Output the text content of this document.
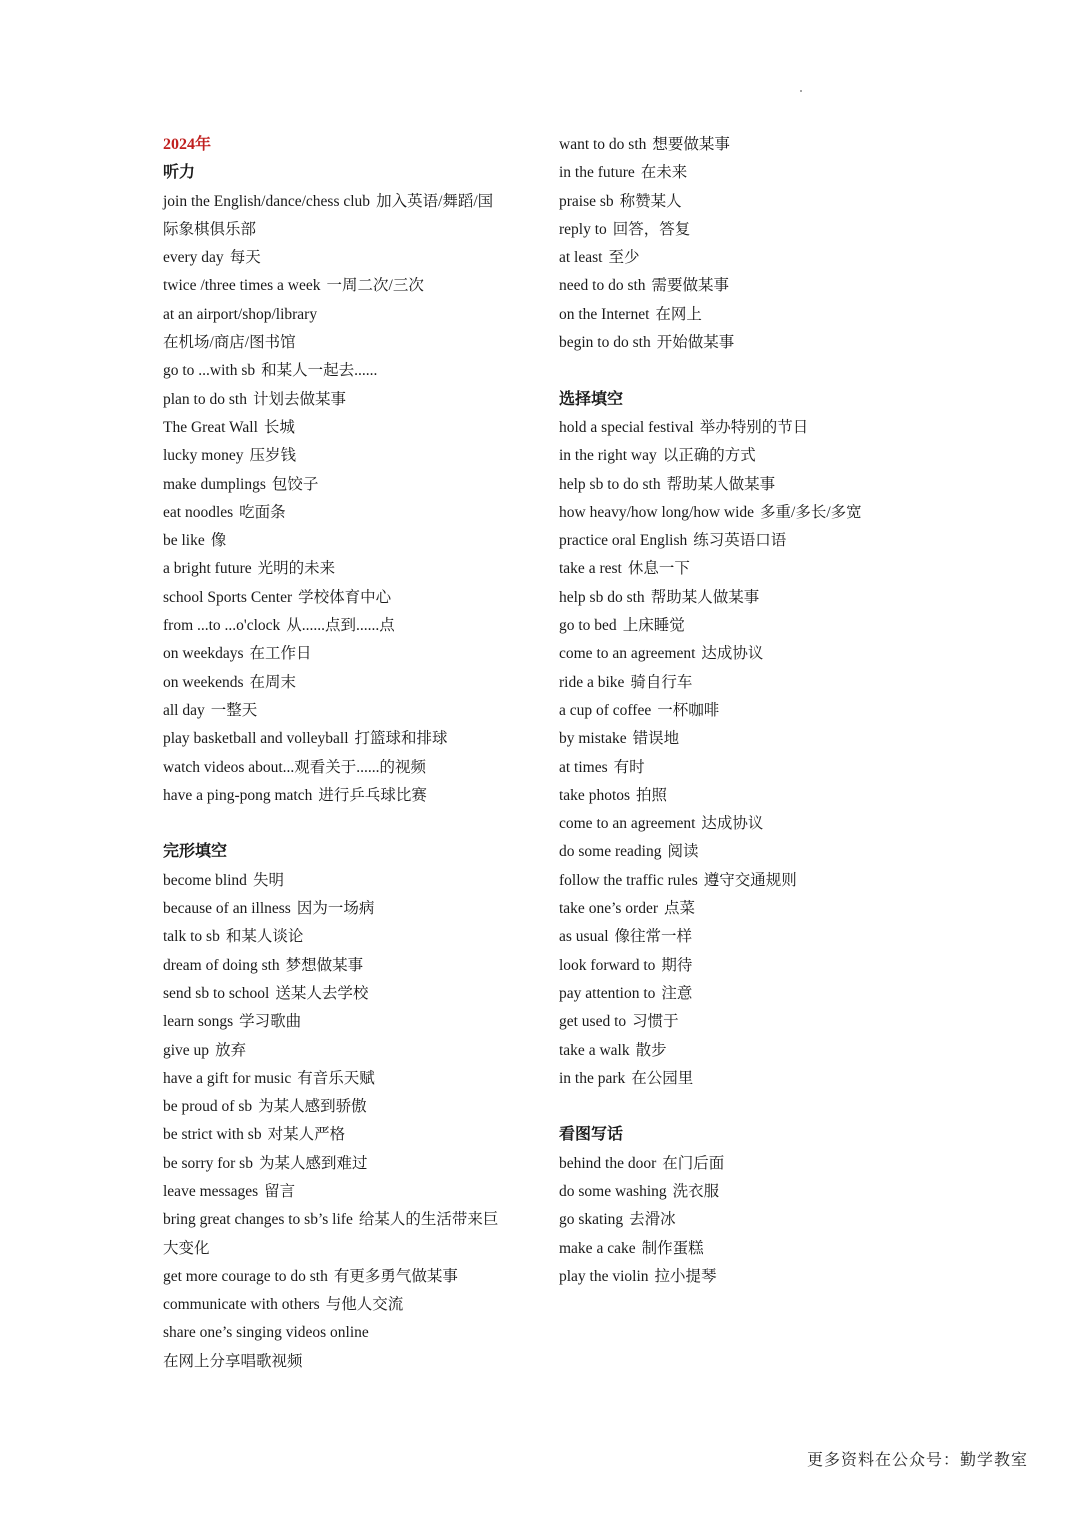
2024年
听力
join the English/dance/chess club 加入英语/舞蹈/国
际象棋俱乐部
every day 每天
twice /three times a week 一周二次/三次
at an airport/shop/library
在机场/商店/图书馆
go to ...with sb 和某人一起去......
plan to do sth 计划去做某事
The Great Wall 长城
lucky money 压岁钱
make dumplings 包饺子
eat noodles 吃面条
be like 像
a bright future 光明的未来
school Sports Center 学校体育中心
from ...to ...o'clock 从......点到......点
on weekdays 在工作日
on weekends 在周末
all day 一整天
play basketball and volleyball 打篮球和排球
watch videos about...观看关于......的视频
have a ping-pong match 进行乒乓球比赛
完形填空
become blind 失明
because of an illness 因为一场病
talk to sb 和某人谈论
dream of doing sth 梦想做某事
send sb to school 送某人去学校
learn songs 学习歌曲
give up 放弃
have a gift for music 有音乐天赋
be proud of sb 为某人感到骄傲
be strict with sb 对某人严格
be sorry for sb 为某人感到难过
leave messages 留言
bring great changes to sb’s life 给某人的生活带来巨
大变化
get more courage to do sth 有更多勇气做某事
communicate with others 与他人交流
share one’s singing videos online
在网上分享唱歌视频
want to do sth 想要做某事
in the future 在未来
praise sb 称赞某人
reply to 回答，答复
at least 至少
need to do sth 需要做某事
on the Internet 在网上
begin to do sth 开始做某事
选择填空
hold a special festival 举办特别的节日
in the right way 以正确的方式
help sb to do sth 帮助某人做某事
how heavy/how long/how wide 多重/多长/多宽
practice oral English 练习英语口语
take a rest 休息一下
help sb do sth 帮助某人做某事
go to bed 上床睡觉
come to an agreement 达成协议
ride a bike 骑自行车
a cup of coffee 一杯咖啡
by mistake 错误地
at times 有时
take photos 拍照
come to an agreement 达成协议
do some reading 阅读
follow the traffic rules 遵守交通规则
take one’s order 点菜
as usual 像往常一样
look forward to 期待
pay attention to 注意
get used to 习惯于
take a walk 散步
in the park 在公园里
看图写话
behind the door 在门后面
do some washing 洗衣服
go skating 去滑冰
make a cake 制作蛋糕
play the violin 拉小提琴
更多资料在公众号：勤学教室
